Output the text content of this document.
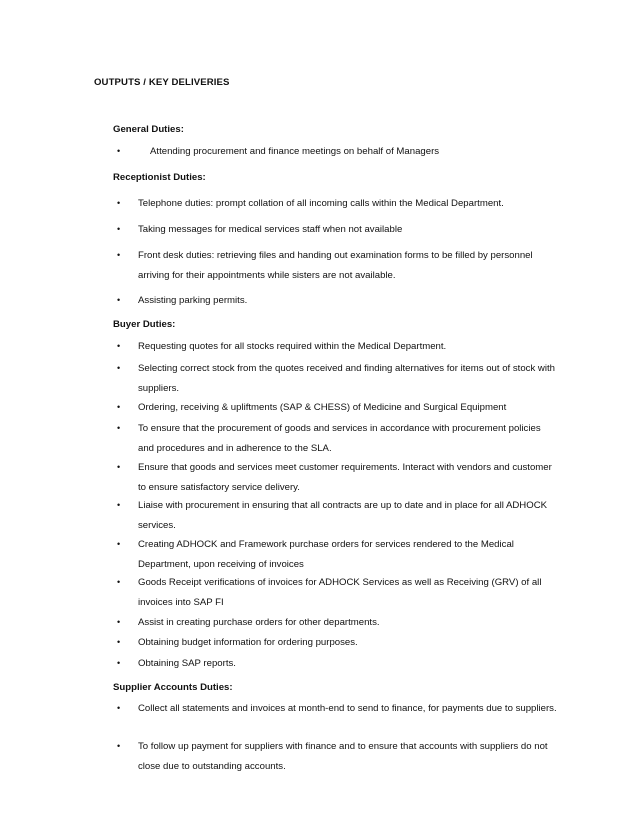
OUTPUTS / KEY DELIVERIES
General Duties:
•	Attending procurement and finance meetings on behalf of Managers
Receptionist Duties:
• Telephone duties: prompt collation of all incoming calls within the Medical Department.
• Taking messages for medical services staff when not available
• Front desk duties: retrieving files and handing out examination forms to be filled by personnel arriving for their appointments while sisters are not available.
• Assisting parking permits.
Buyer Duties:
• Requesting quotes for all stocks required within the Medical Department.
• Selecting correct stock from the quotes received and finding alternatives for items out of stock with suppliers.
• Ordering, receiving & upliftments (SAP & CHESS) of Medicine and Surgical Equipment
• To ensure that the procurement of goods and services in accordance with procurement policies and procedures and in adherence to the SLA.
• Ensure that goods and services meet customer requirements. Interact with vendors and customer to ensure satisfactory service delivery.
• Liaise with procurement in ensuring that all contracts are up to date and in place for all ADHOCK services.
• Creating ADHOCK and Framework purchase orders for services rendered to the Medical Department, upon receiving of invoices
• Goods Receipt verifications of invoices for ADHOCK Services as well as Receiving (GRV) of all invoices into SAP FI
• Assist in creating purchase orders for other departments.
• Obtaining budget information for ordering purposes.
• Obtaining SAP reports.
Supplier Accounts Duties:
• Collect all statements and invoices at month-end to send to finance, for payments due to suppliers.
• To follow up payment for suppliers with finance and to ensure that accounts with suppliers do not close due to outstanding accounts.
